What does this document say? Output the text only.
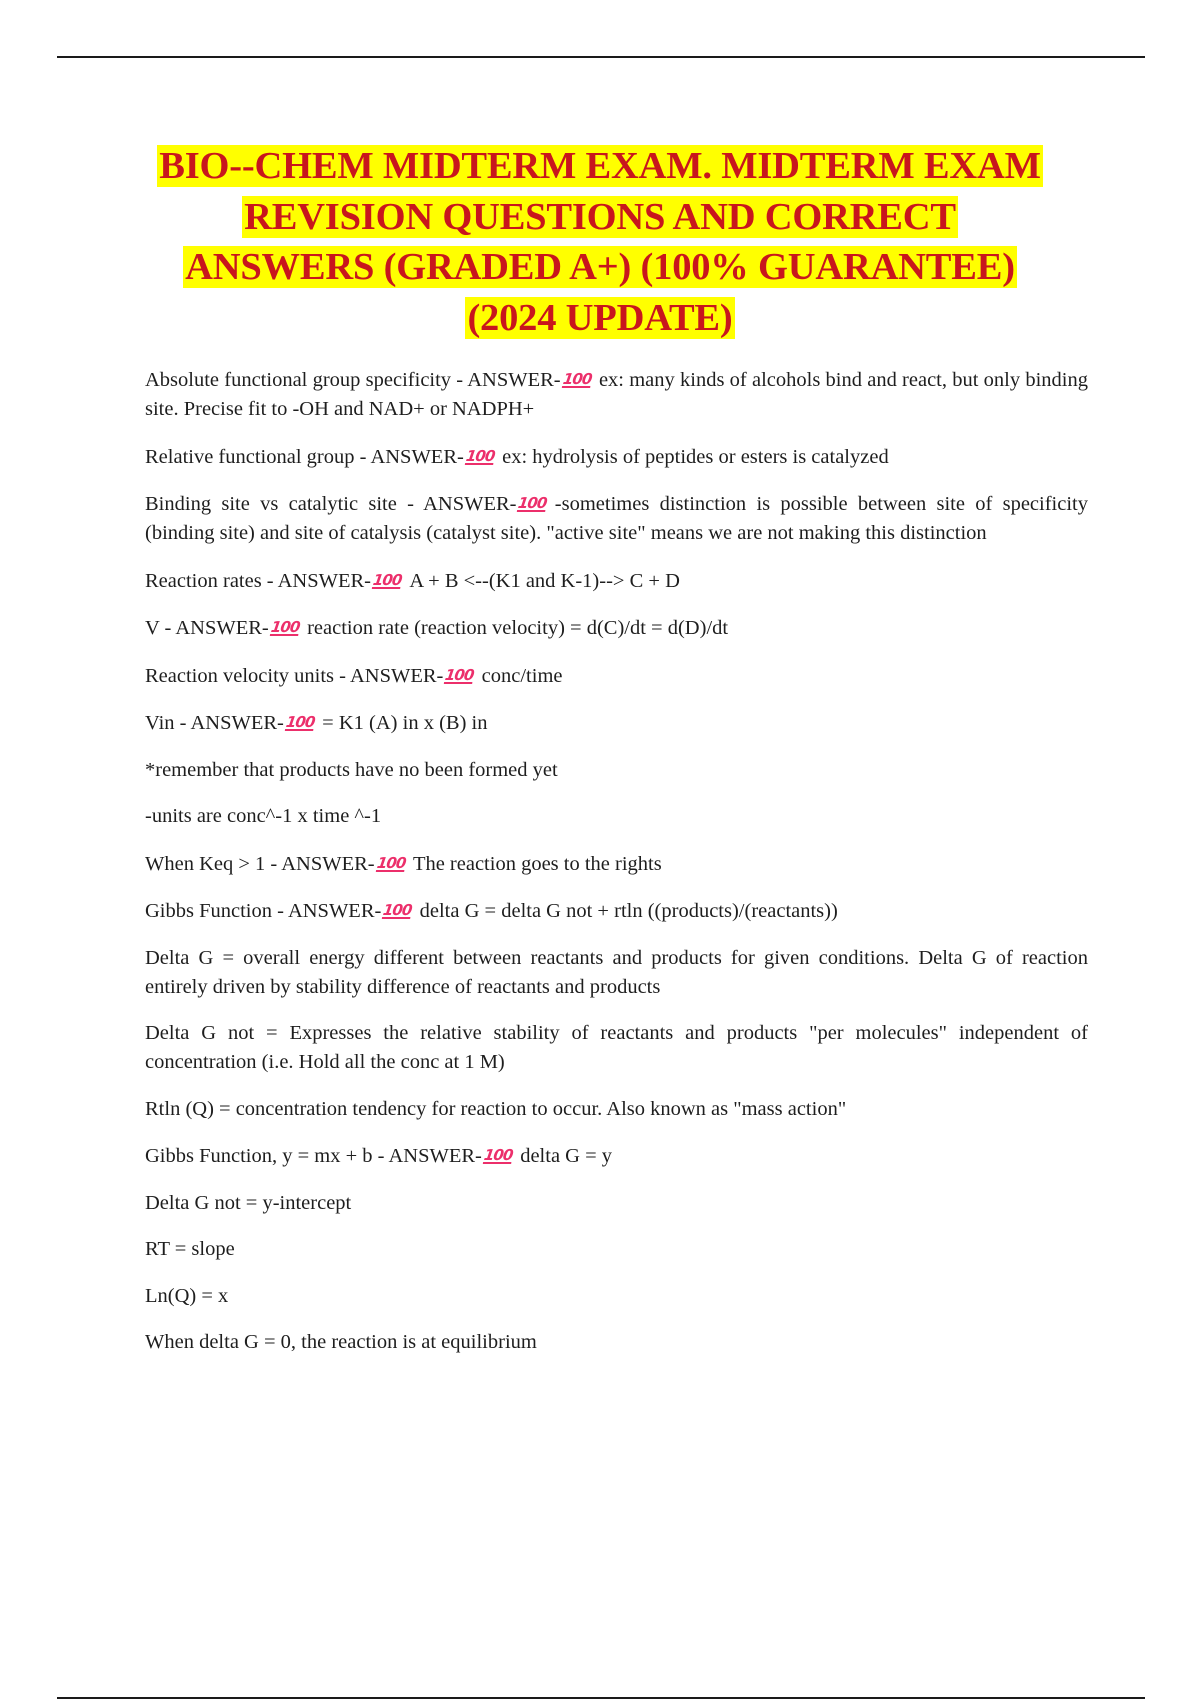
BIO--CHEM MIDTERM EXAM. MIDTERM EXAM
REVISION QUESTIONS AND CORRECT
ANSWERS (GRADED A+) (100% GUARANTEE)
(2024 UPDATE)

Absolute functional group specificity - ANSWER-100 ex: many kinds of alcohols bind and react, but only binding site. Precise fit to -OH and NAD+ or NADPH+

Relative functional group - ANSWER-100 ex: hydrolysis of peptides or esters is catalyzed

Binding site vs catalytic site - ANSWER-100 -sometimes distinction is possible between site of specificity (binding site) and site of catalysis (catalyst site). "active site" means we are not making this distinction

Reaction rates - ANSWER-100 A + B <--(K1 and K-1)--> C + D

V - ANSWER-100 reaction rate (reaction velocity) = d(C)/dt = d(D)/dt

Reaction velocity units - ANSWER-100 conc/time

Vin - ANSWER-100 = K1 (A) in x (B) in

*remember that products have no been formed yet

-units are conc^-1 x time ^-1

When Keq > 1 - ANSWER-100 The reaction goes to the rights

Gibbs Function - ANSWER-100 delta G = delta G not + rtln ((products)/(reactants))

Delta G = overall energy different between reactants and products for given conditions. Delta G of reaction entirely driven by stability difference of reactants and products

Delta G not = Expresses the relative stability of reactants and products "per molecules" independent of concentration (i.e. Hold all the conc at 1 M)

Rtln (Q) = concentration tendency for reaction to occur. Also known as "mass action"

Gibbs Function, y = mx + b - ANSWER-100 delta G = y

Delta G not = y-intercept

RT = slope

Ln(Q) = x

When delta G = 0, the reaction is at equilibrium
